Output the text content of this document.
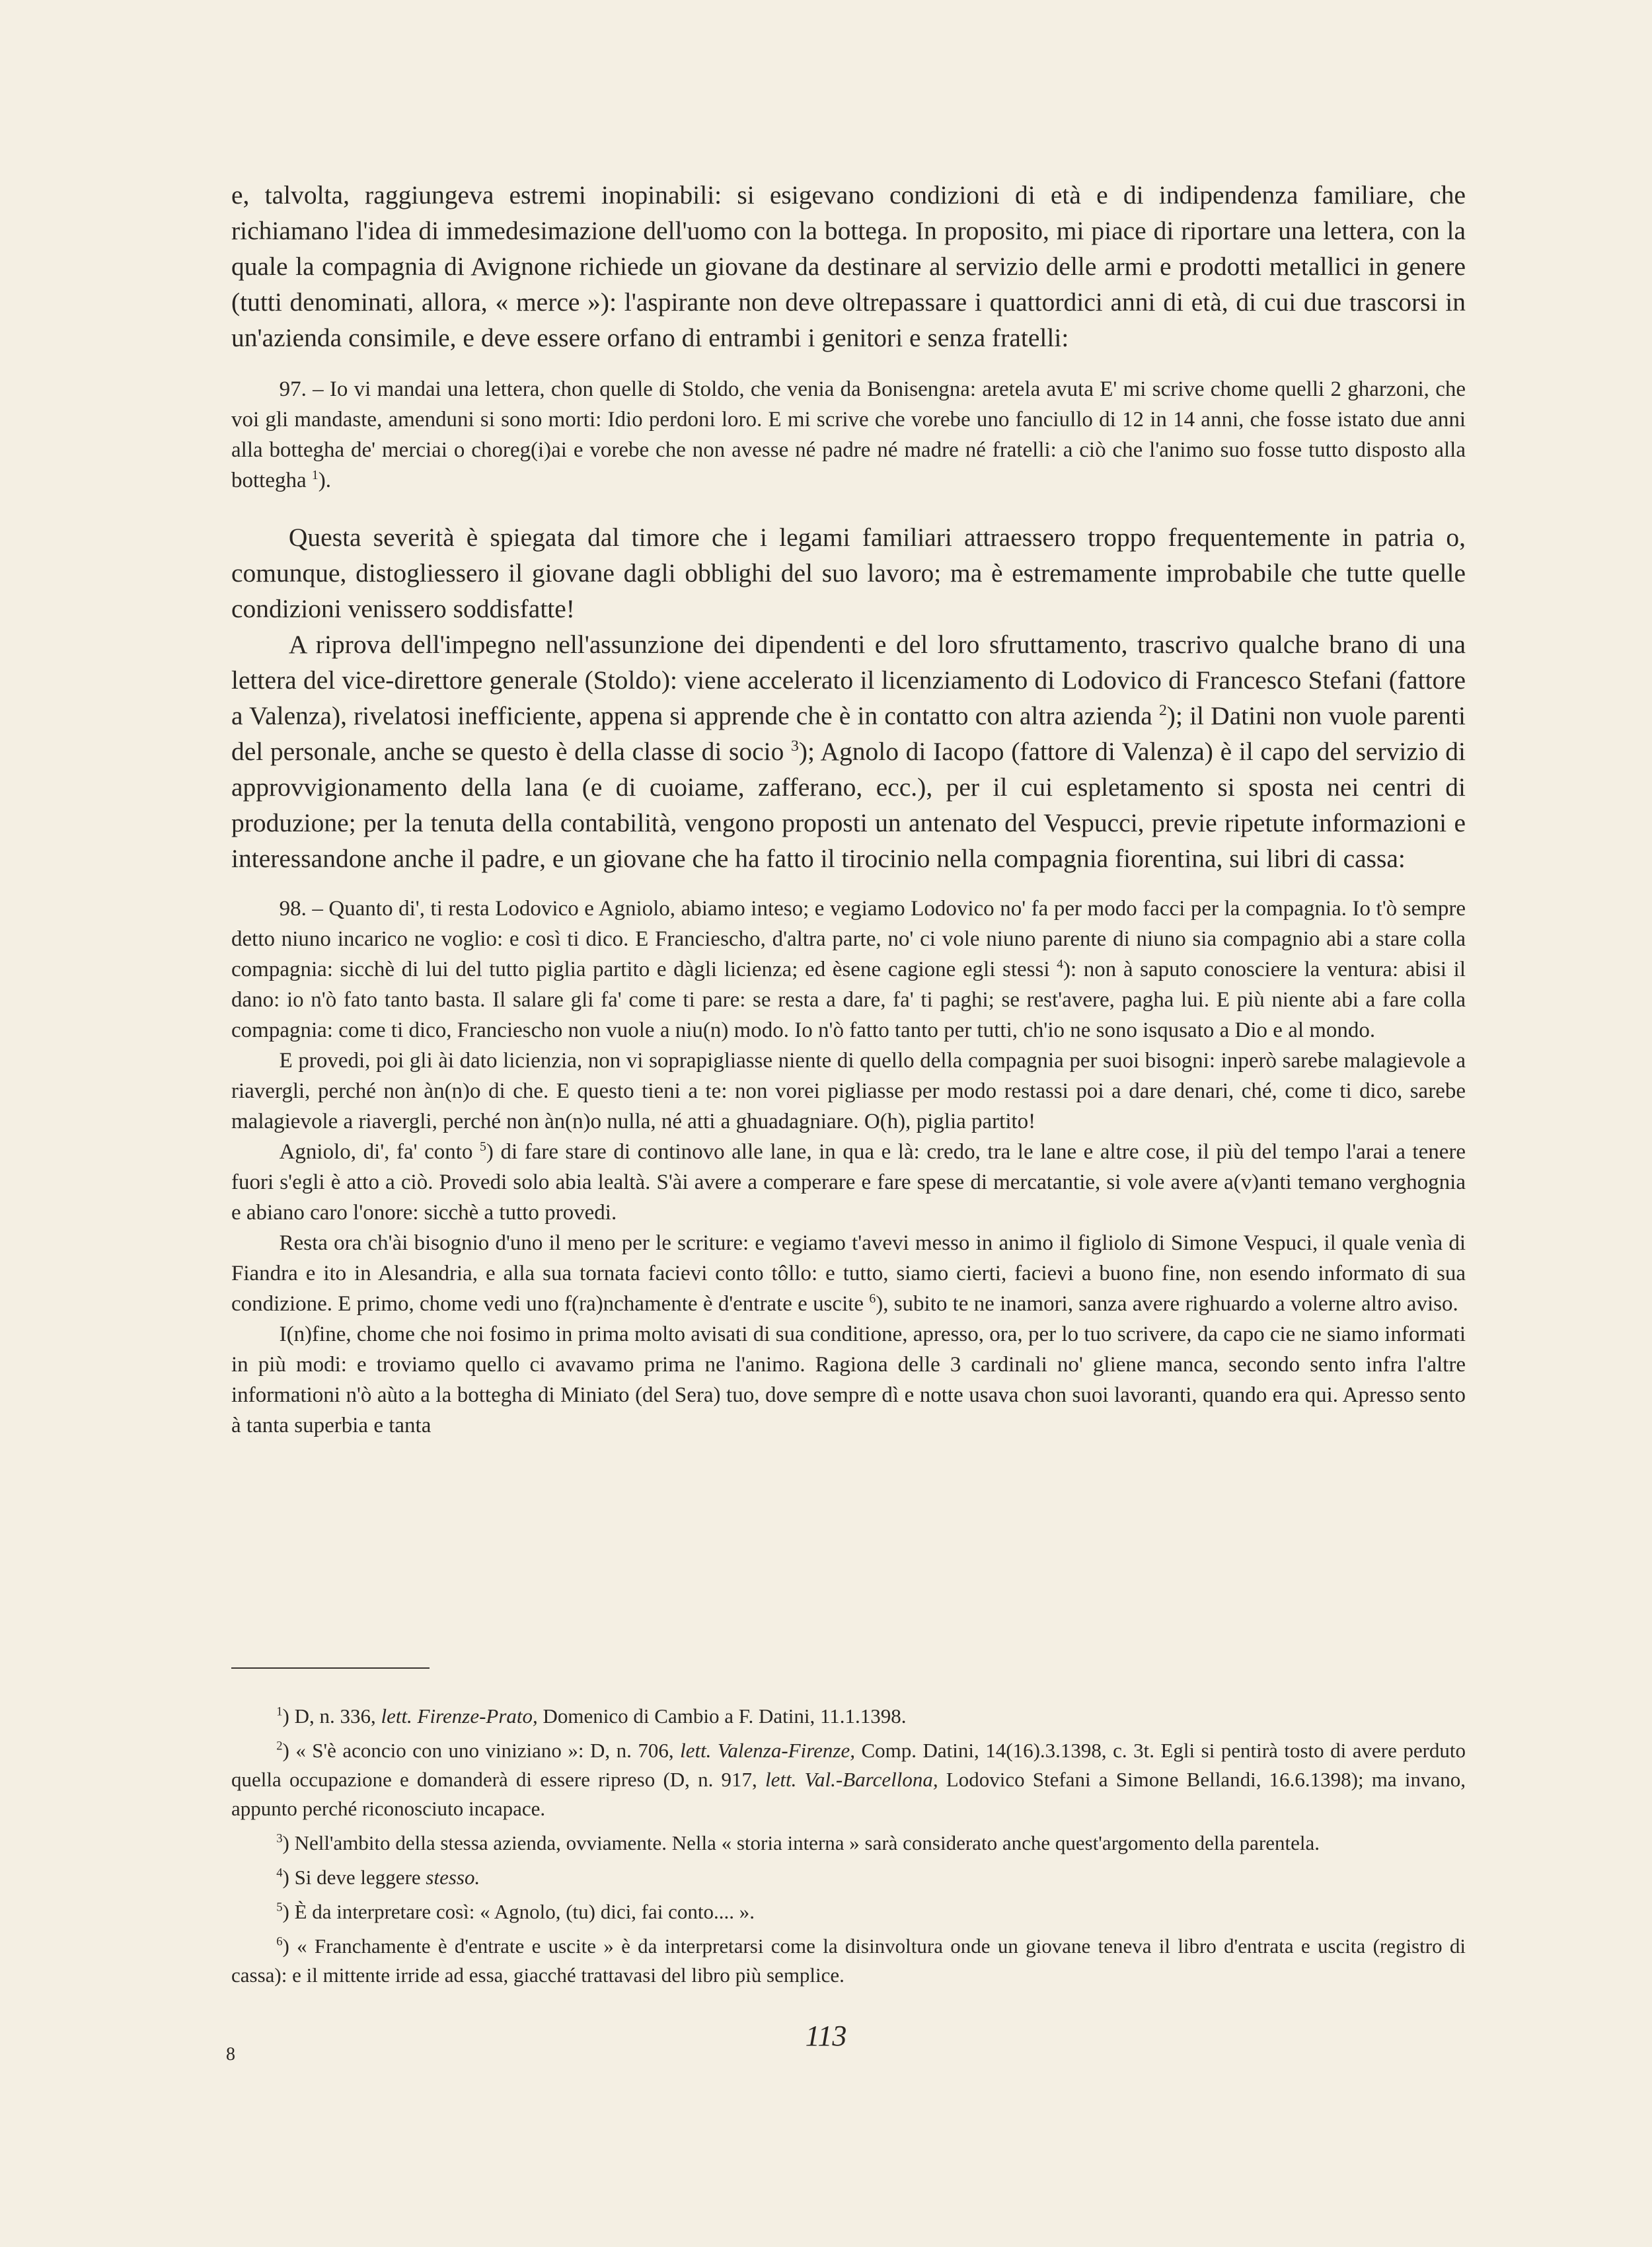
e, talvolta, raggiungeva estremi inopinabili: si esigevano condizioni di età e di indipendenza familiare, che richiamano l'idea di immedesimazione dell'uomo con la bottega. In proposito, mi piace di riportare una lettera, con la quale la compagnia di Avignone richiede un giovane da destinare al servizio delle armi e prodotti metallici in genere (tutti denominati, allora, « merce »): l'aspirante non deve oltrepassare i quattordici anni di età, di cui due trascorsi in un'azienda consimile, e deve essere orfano di entrambi i genitori e senza fratelli:

97. – Io vi mandai una lettera, chon quelle di Stoldo, che venia da Bonisengna: aretela avuta E' mi scrive chome quelli 2 gharzoni, che voi gli mandaste, amenduni si sono morti: Idio perdoni loro. E mi scrive che vorebe uno fanciullo di 12 in 14 anni, che fosse istato due anni alla bottegha de' merciai o choreg(i)ai e vorebe che non avesse né padre né madre né fratelli: a ciò che l'animo suo fosse tutto disposto alla bottegha $^1$).

Questa severità è spiegata dal timore che i legami familiari attraessero troppo frequentemente in patria o, comunque, distogliessero il giovane dagli obblighi del suo lavoro; ma è estremamente improbabile che tutte quelle condizioni venissero soddisfatte!

A riprova dell'impegno nell'assunzione dei dipendenti e del loro sfruttamento, trascrivo qualche brano di una lettera del vice-direttore generale (Stoldo): viene accelerato il licenziamento di Lodovico di Francesco Stefani (fattore a Valenza), rivelatosi inefficiente, appena si apprende che è in contatto con altra azienda $^2$); il Datini non vuole parenti del personale, anche se questo è della classe di socio $^3$); Agnolo di Iacopo (fattore di Valenza) è il capo del servizio di approvvigionamento della lana (e di cuoiame, zafferano, ecc.), per il cui espletamento si sposta nei centri di produzione; per la tenuta della contabilità, vengono proposti un antenato del Vespucci, previe ripetute informazioni e interessandone anche il padre, e un giovane che ha fatto il tirocinio nella compagnia fiorentina, sui libri di cassa:

98. – Quanto di', ti resta Lodovico e Agniolo, abiamo inteso; e vegiamo Lodovico no' fa per modo facci per la compagnia. Io t'ò sempre detto niuno incarico ne voglio: e così ti dico. E Franciescho, d'altra parte, no' ci vole niuno parente di niuno sia compagnio abi a stare colla compagnia: sicchè di lui del tutto piglia partito e dàgli licienza; ed èsene cagione egli stessi $^4$): non à saputo conosciere la ventura: abisi il dano: io n'ò fato tanto basta. Il salare gli fa' come ti pare: se resta a dare, fa' ti paghi; se rest'avere, pagha lui. E più niente abi a fare colla compagnia: come ti dico, Franciescho non vuole a niu(n) modo. Io n'ò fatto tanto per tutti, ch'io ne sono isqusato a Dio e al mondo.

E provedi, poi gli ài dato licienzia, non vi soprapigliasse niente di quello della compagnia per suoi bisogni: inperò sarebe malagievole a riavergli, perché non àn(n)o di che. E questo tieni a te: non vorei pigliasse per modo restassi poi a dare denari, ché, come ti dico, sarebe malagievole a riavergli, perché non àn(n)o nulla, né atti a ghuadagniare. O(h), piglia partito!

Agniolo, di', fa' conto $^5$) di fare stare di continovo alle lane, in qua e là: credo, tra le lane e altre cose, il più del tempo l'arai a tenere fuori s'egli è atto a ciò. Provedi solo abia lealtà. S'ài avere a comperare e fare spese di mercatantie, si vole avere a(v)anti temano verghognia e abiano caro l'onore: sicchè a tutto provedi.

Resta ora ch'ài bisognio d'uno il meno per le scriture: e vegiamo t'avevi messo in animo il figliolo di Simone Vespuci, il quale venìa di Fiandra e ito in Alesandria, e alla sua tornata facievi conto tôllo: e tutto, siamo cierti, facievi a buono fine, non esendo informato di sua condizione. E primo, chome vedi uno f(ra)nchamente è d'entrate e uscite $^6$), subito te ne inamori, sanza avere righuardo a volerne altro aviso.

I(n)fine, chome che noi fosimo in prima molto avisati di sua conditione, apresso, ora, per lo tuo scrivere, da capo cie ne siamo informati in più modi: e troviamo quello ci avavamo prima ne l'animo. Ragiona delle 3 cardinali no' gliene manca, secondo sento infra l'altre informationi n'ò aùto a la bottegha di Miniato (del Sera) tuo, dove sempre dì e notte usava chon suoi lavoranti, quando era qui. Apresso sento à tanta superbia e tanta

$^1$) D, n. 336, lett. Firenze-Prato, Domenico di Cambio a F. Datini, 11.1.1398.

$^2$) « S'è aconcio con uno viniziano »: D, n. 706, lett. Valenza-Firenze, Comp. Datini, 14(16).3.1398, c. 3t. Egli si pentirà tosto di avere perduto quella occupazione e domanderà di essere ripreso (D, n. 917, lett. Val.-Barcellona, Lodovico Stefani a Simone Bellandi, 16.6.1398); ma invano, appunto perché riconosciuto incapace.

$^3$) Nell'ambito della stessa azienda, ovviamente. Nella « storia interna » sarà considerato anche quest'argomento della parentela.

$^4$) Si deve leggere stesso.

$^5$) È da interpretare così: « Agnolo, (tu) dici, fai conto.... ».

$^6$) « Franchamente è d'entrate e uscite » è da interpretarsi come la disinvoltura onde un giovane teneva il libro d'entrata e uscita (registro di cassa): e il mittente irride ad essa, giacché trattavasi del libro più semplice.

113
8
